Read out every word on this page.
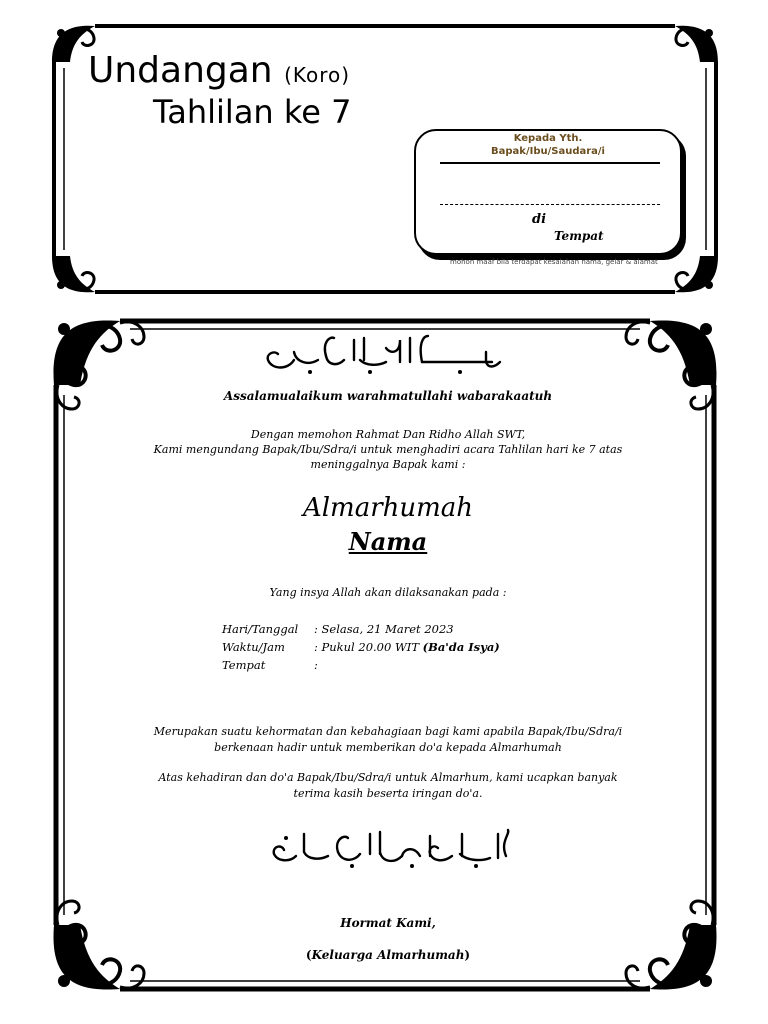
Undangan (Koro)
Tahlilan ke 7
Kepada Yth.
Bapak/Ibu/Saudara/i
di
Tempat
mohon maaf bila terdapat kesalahan nama, gelar & alamat
Assalamualaikum warahmatullahi wabarakaatuh
Dengan memohon Rahmat Dan Ridho Allah SWT,
Kami mengundang Bapak/Ibu/Sdra/i untuk menghadiri acara Tahlilan hari ke 7 atas
meninggalnya Bapak kami :
Almarhumah
Nama
Yang insya Allah akan dilaksanakan pada :
Hari/Tanggal	: Selasa, 21 Maret 2023
Waktu/Jam	: Pukul 20.00 WIT (Ba'da Isya)
Tempat	:
Merupakan suatu kehormatan dan kebahagiaan bagi kami apabila Bapak/Ibu/Sdra/i
berkenaan hadir untuk memberikan do'a kepada Almarhumah
Atas kehadiran dan do'a Bapak/Ibu/Sdra/i untuk Almarhum, kami ucapkan banyak
terima kasih beserta iringan do'a.
Hormat Kami,
(Keluarga Almarhumah)
